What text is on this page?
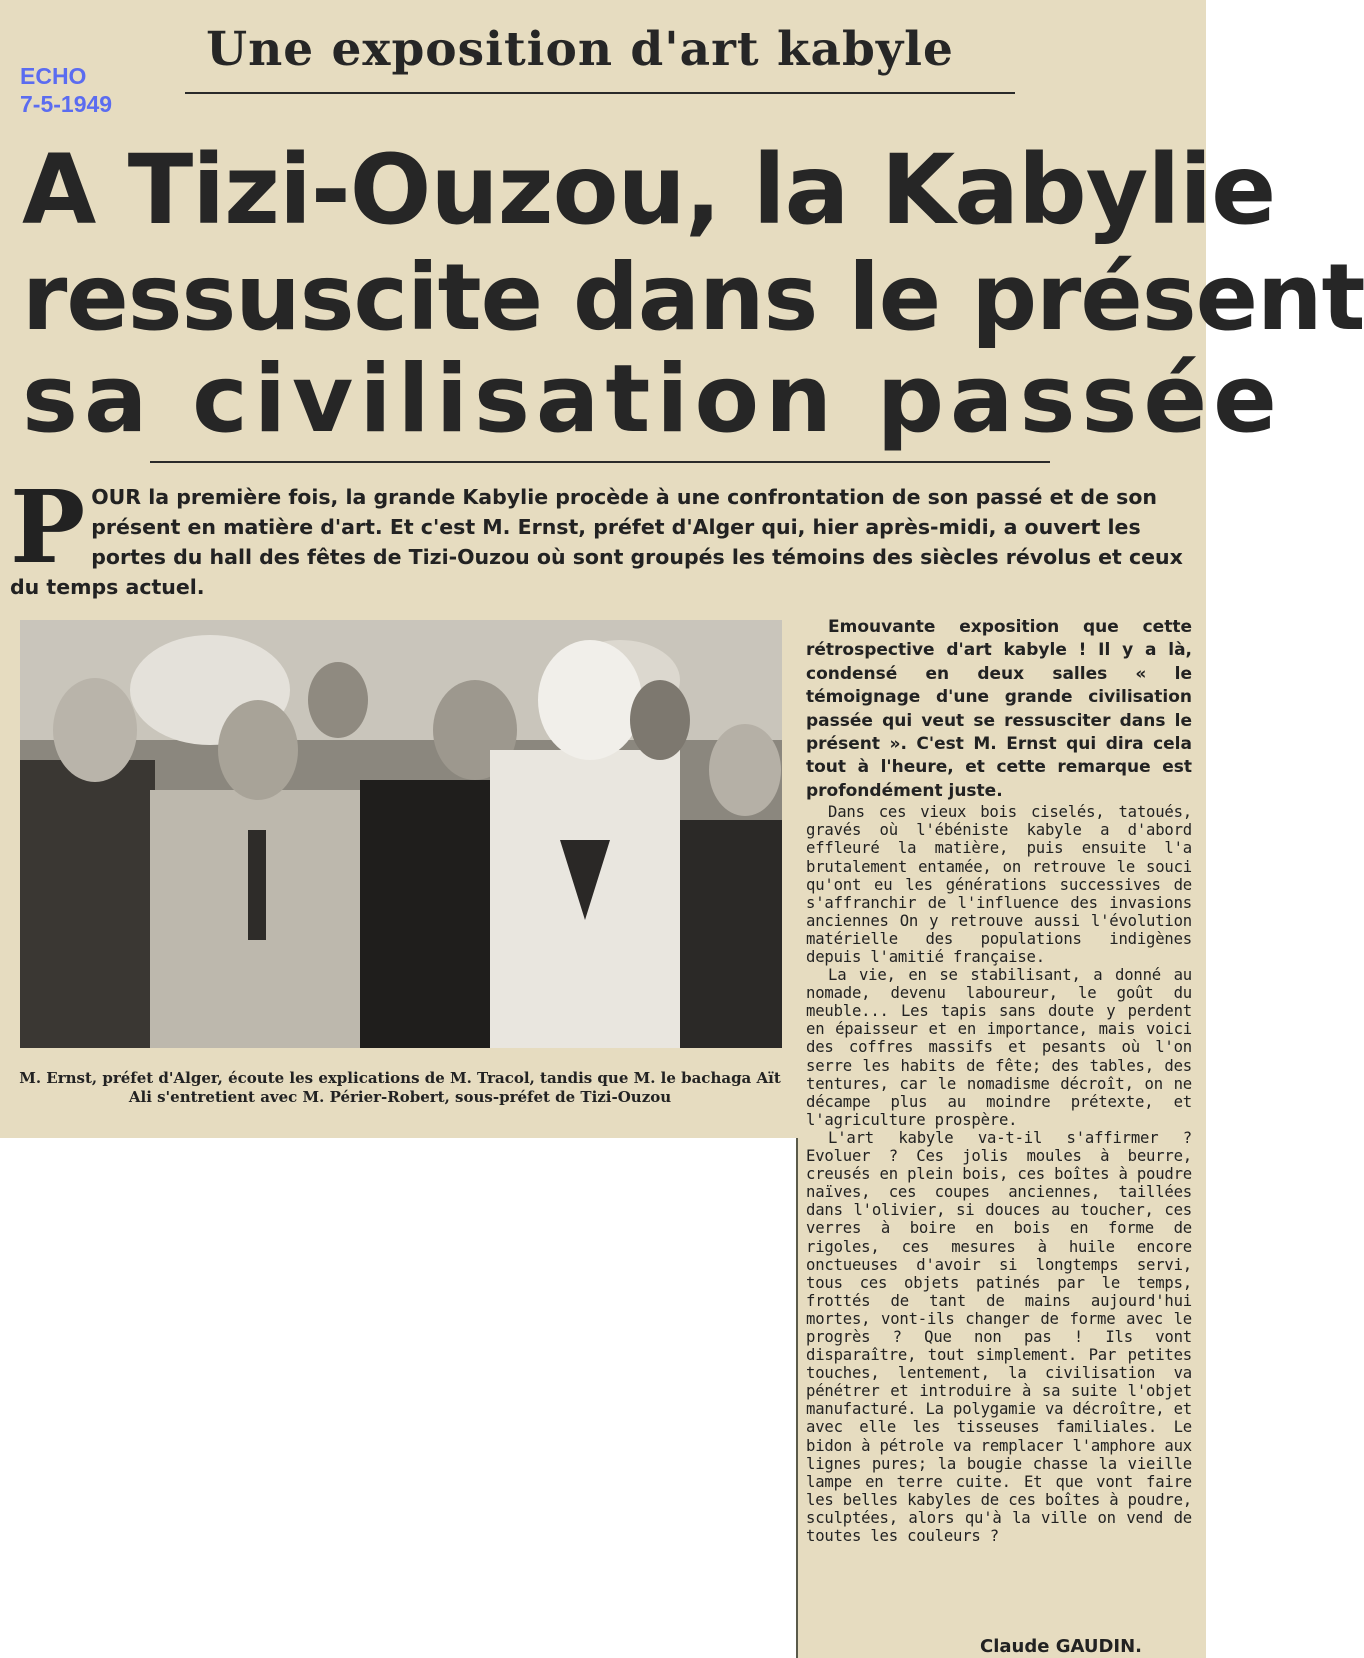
ECHO
7-5-1949
Une exposition d'art kabyle
A Tizi-Ouzou, la Kabylie
ressuscite dans le présent
sa civilisation passée
P OUR la première fois, la grande Kabylie procède à une confrontation de son passé et de son présent en matière d'art. Et c'est M. Ernst, préfet d'Alger qui, hier après-midi, a ouvert les portes du hall des fêtes de Tizi-Ouzou où sont groupés les témoins des siècles révolus et ceux du temps actuel.
M. Ernst, préfet d'Alger, écoute les explications de M. Tracol, tandis que M. le bachaga Aït Ali s'entretient avec M. Périer-Robert, sous-préfet de Tizi-Ouzou

Emouvante exposition que cette rétrospective d'art kabyle ! Il y a là, condensé en deux salles « le témoignage d'une grande civilisation passée qui veut se ressusciter dans le présent ». C'est M. Ernst qui dira cela tout à l'heure, et cette remarque est profondément juste.

Dans ces vieux bois ciselés, tatoués, gravés où l'ébéniste kabyle a d'abord effleuré la matière, puis ensuite l'a brutalement entamée, on retrouve le souci qu'ont eu les générations successives de s'affranchir de l'influence des invasions anciennes On y retrouve aussi l'évolution matérielle des populations indigènes depuis l'amitié française.

La vie, en se stabilisant, a donné au nomade, devenu laboureur, le goût du meuble... Les tapis sans doute y perdent en épaisseur et en importance, mais voici des coffres massifs et pesants où l'on serre les habits de fête; des tables, des tentures, car le nomadisme décroît, on ne décampe plus au moindre prétexte, et l'agriculture prospère.

L'art kabyle va-t-il s'affirmer ? Evoluer ? Ces jolis moules à beurre, creusés en plein bois, ces boîtes à poudre naïves, ces coupes anciennes, taillées dans l'olivier, si douces au toucher, ces verres à boire en bois en forme de rigoles, ces mesures à huile encore onctueuses d'avoir si longtemps servi, tous ces objets patinés par le temps, frottés de tant de mains aujourd'hui mortes, vont-ils changer de forme avec le progrès ? Que non pas ! Ils vont disparaître, tout simplement. Par petites touches, lentement, la civilisation va pénétrer et introduire à sa suite l'objet manufacturé. La polygamie va décroître, et avec elle les tisseuses familiales. Le bidon à pétrole va remplacer l'amphore aux lignes pures; la bougie chasse la vieille lampe en terre cuite. Et que vont faire les belles kabyles de ces boîtes à poudre, sculptées, alors qu'à la ville on vend de toutes les couleurs ?

Claude GAUDIN.
